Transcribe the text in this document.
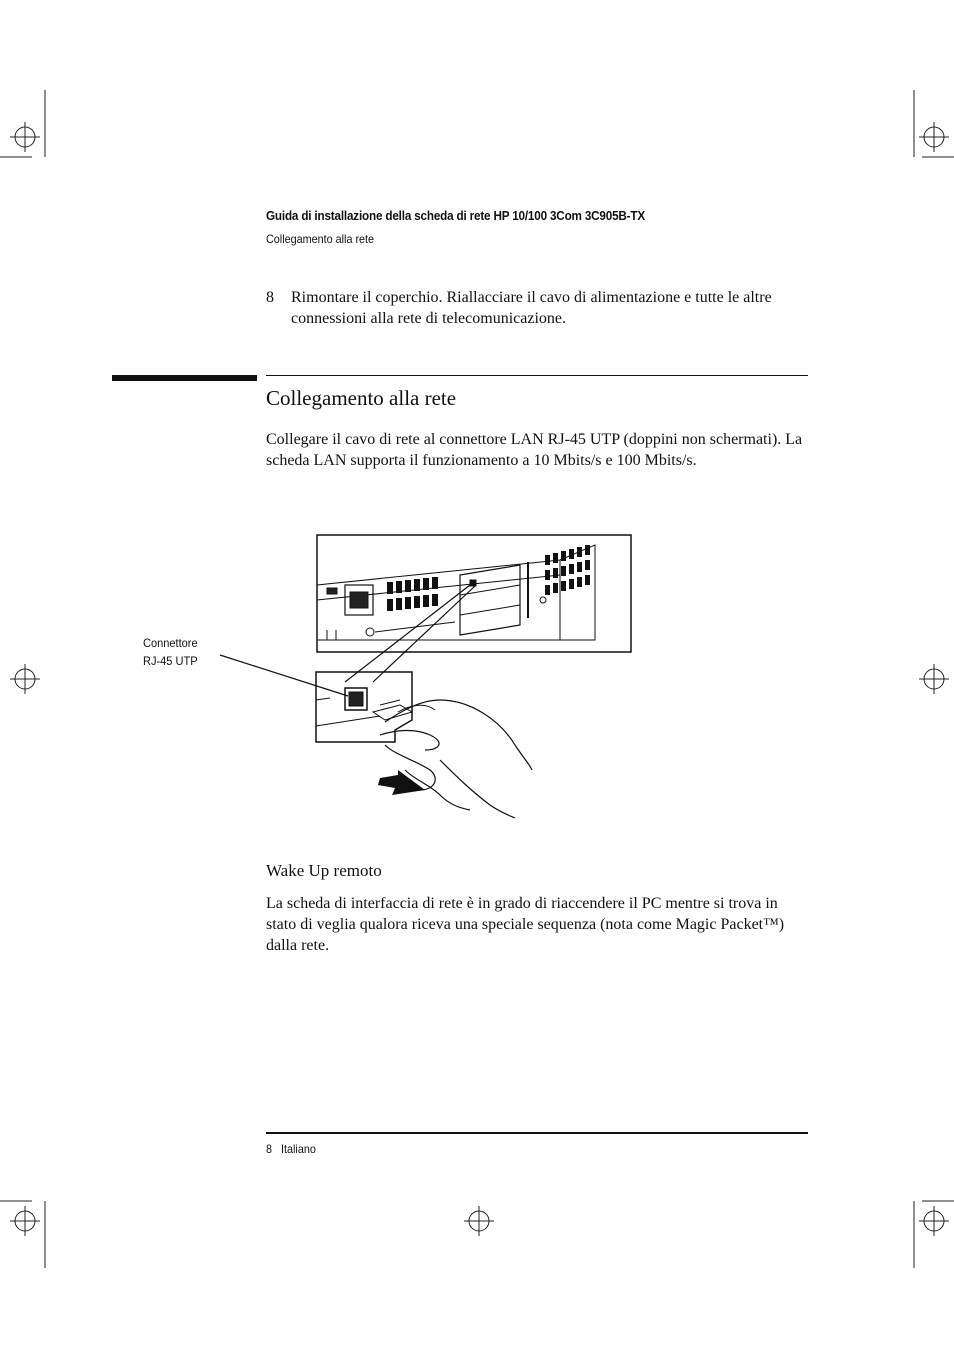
Guida di installazione della scheda di rete HP 10/100 3Com 3C905B-TX
Collegamento alla rete
8 Rimontare il coperchio. Riallacciare il cavo di alimentazione e tutte le altre connessioni alla rete di telecomunicazione.
Collegamento alla rete
Collegare il cavo di rete al connettore LAN RJ-45 UTP (doppini non schermati). La scheda LAN supporta il funzionamento a 10 Mbits/s e 100 Mbits/s.
Connettore
RJ-45 UTP
Wake Up remoto
La scheda di interfaccia di rete è in grado di riaccendere il PC mentre si trova in stato di veglia qualora riceva una speciale sequenza (nota come Magic Packet™) dalla rete.
8 Italiano
